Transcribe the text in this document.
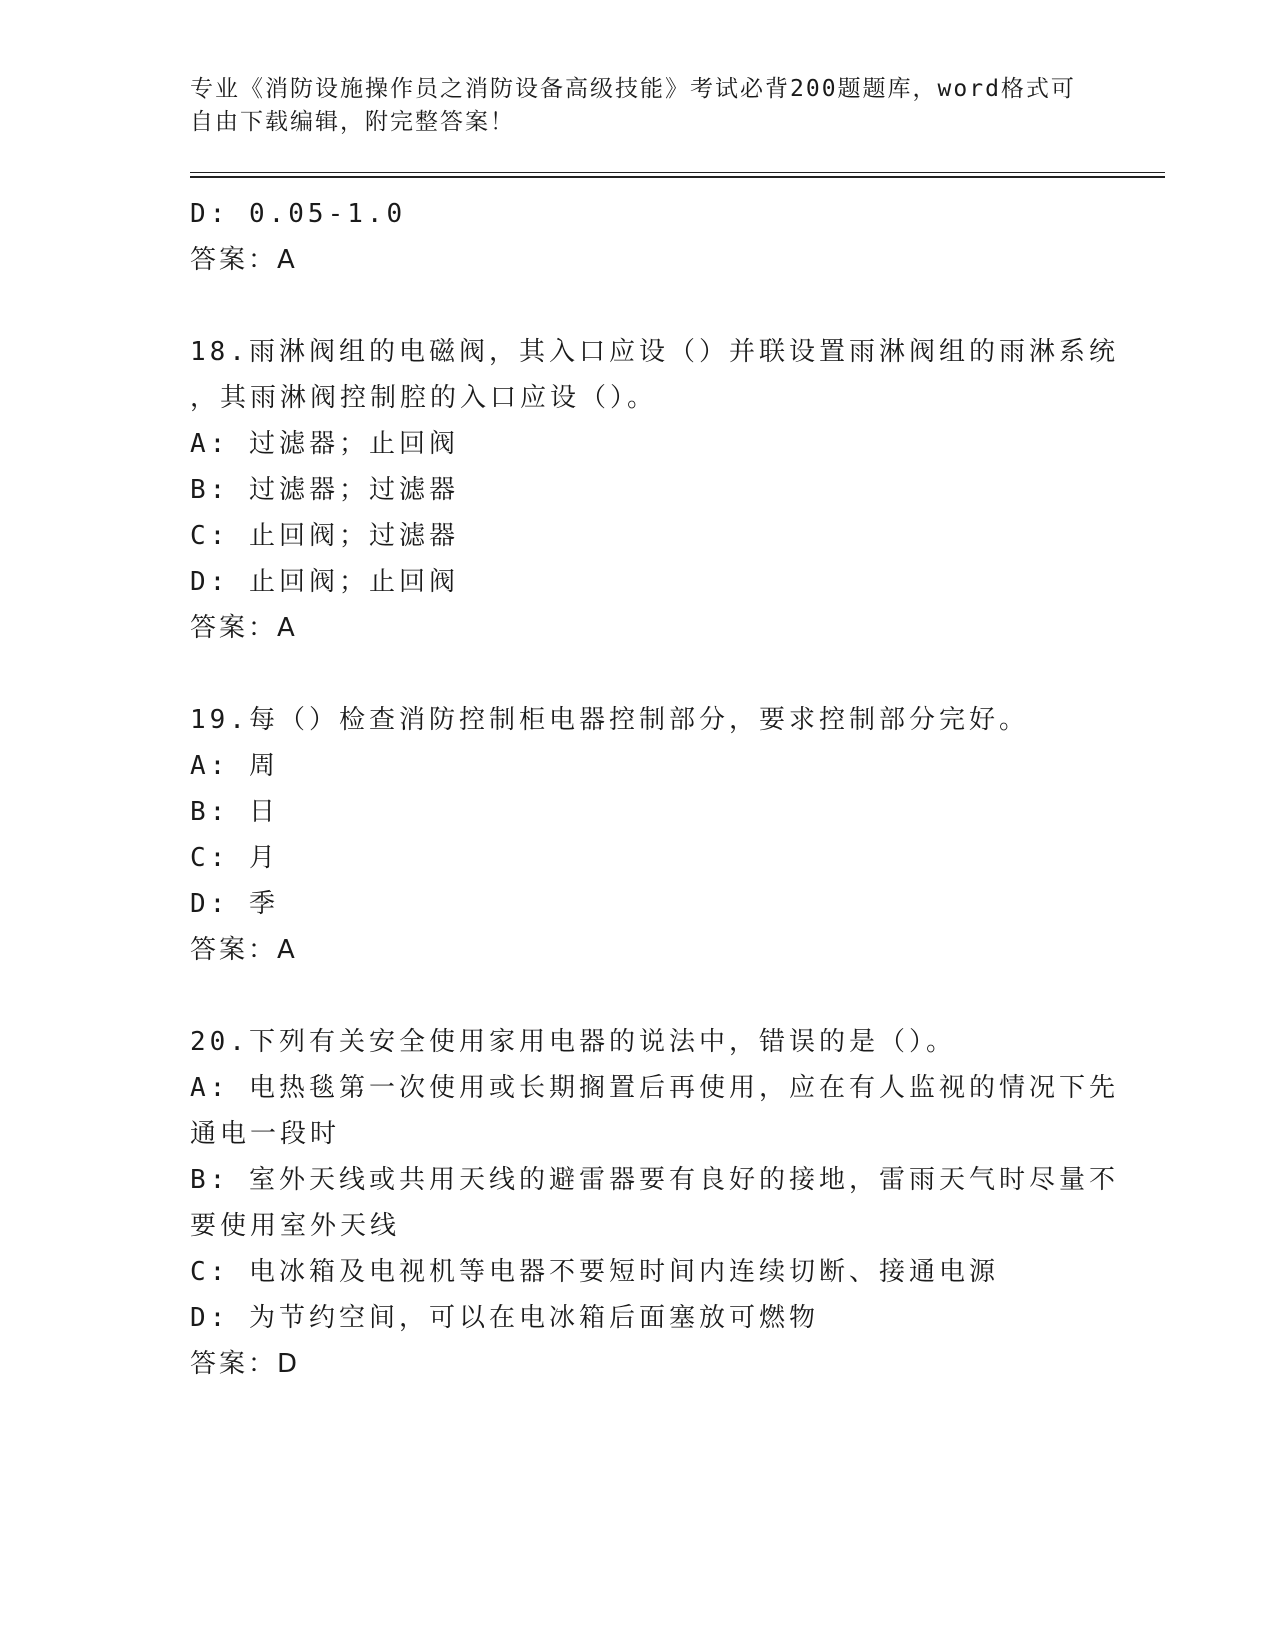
专业《消防设施操作员之消防设备高级技能》考试必背200题题库，word格式可
自由下载编辑，附完整答案！
D: 0.05-1.0
答案：A
18.雨淋阀组的电磁阀，其入口应设（）并联设置雨淋阀组的雨淋系统
，其雨淋阀控制腔的入口应设（）。
A: 过滤器；止回阀
B: 过滤器；过滤器
C: 止回阀；过滤器
D: 止回阀；止回阀
答案：A
19.每（）检查消防控制柜电器控制部分，要求控制部分完好。
A: 周
B: 日
C: 月
D: 季
答案：A
20.下列有关安全使用家用电器的说法中，错误的是（）。
A: 电热毯第一次使用或长期搁置后再使用，应在有人监视的情况下先
通电一段时
B: 室外天线或共用天线的避雷器要有良好的接地，雷雨天气时尽量不
要使用室外天线
C: 电冰箱及电视机等电器不要短时间内连续切断、接通电源
D: 为节约空间，可以在电冰箱后面塞放可燃物
答案：D
